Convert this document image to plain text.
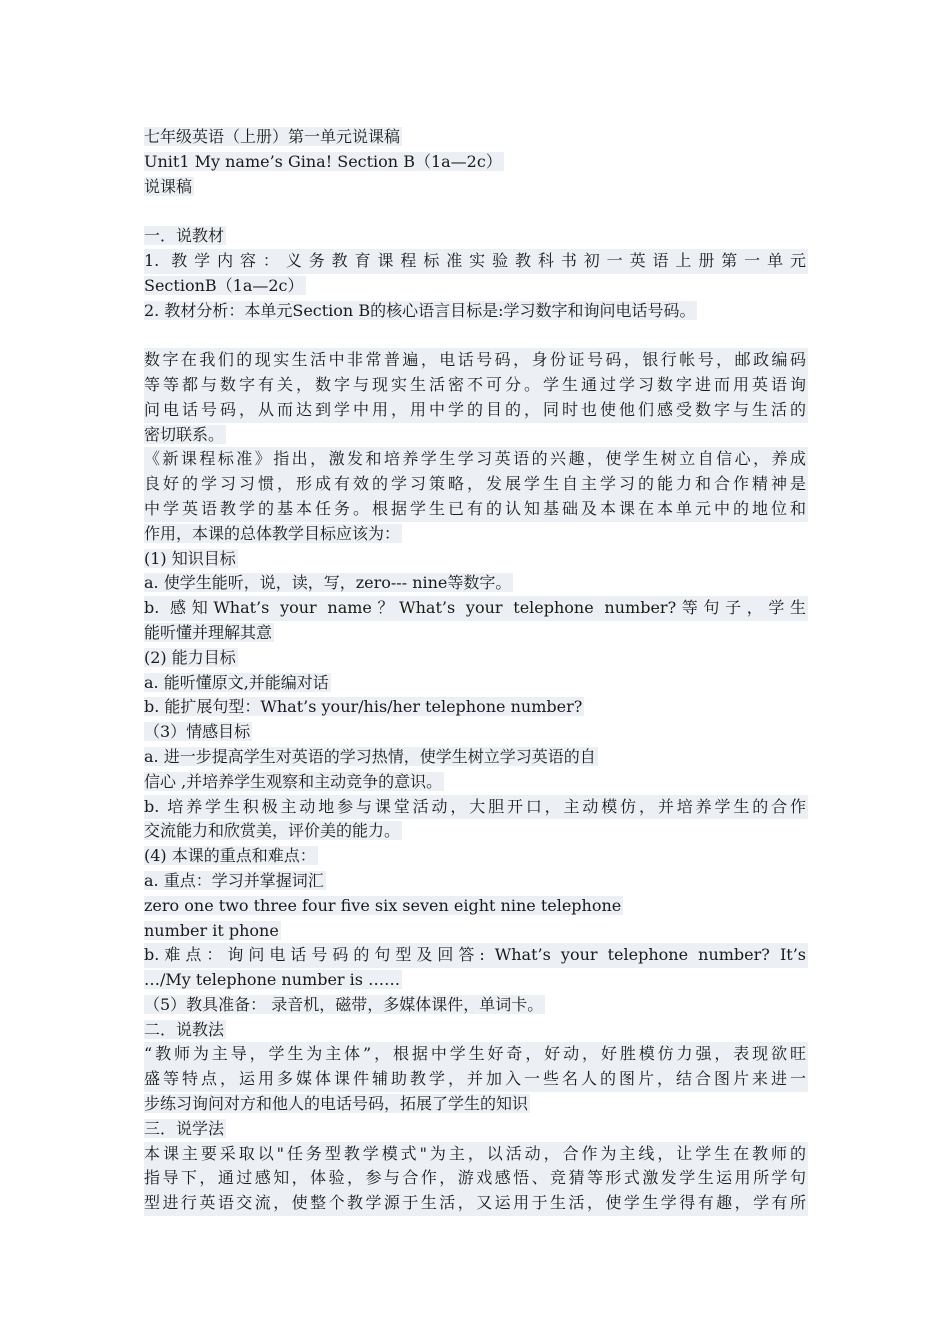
七年级英语（上册）第一单元说课稿
Unit1 My name’s Gina! Section B（1a—2c）
说课稿
一．说教材
1. 教学内容：义务教育课程标准实验教科书初一英语上册第一单元
SectionB（1a—2c）
2. 教材分析：本单元Section B的核心语言目标是:学习数字和询问电话号码。
数字在我们的现实生活中非常普遍，电话号码，身份证号码，银行帐号，邮政编码
等等都与数字有关，数字与现实生活密不可分。学生通过学习数字进而用英语询
问电话号码，从而达到学中用，用中学的目的，同时也使他们感受数字与生活的
密切联系。
《新课程标准》指出，激发和培养学生学习英语的兴趣，使学生树立自信心，养成
良好的学习习惯，形成有效的学习策略，发展学生自主学习的能力和合作精神是
中学英语教学的基本任务。根据学生已有的认知基础及本课在本单元中的地位和
作用，本课的总体教学目标应该为：
(1) 知识目标
a. 使学生能听，说，读，写，zero--- nine等数字。
b. 感知What’s your name？What’s your telephone number?等句子，学生
能听懂并理解其意
(2) 能力目标
a. 能听懂原文,并能编对话
b. 能扩展句型：What’s your/his/her telephone number?
（3）情感目标
a. 进一步提高学生对英语的学习热情，使学生树立学习英语的自
信心 ,并培养学生观察和主动竞争的意识。
b. 培养学生积极主动地参与课堂活动，大胆开口，主动模仿，并培养学生的合作
交流能力和欣赏美，评价美的能力。
(4) 本课的重点和难点：
a. 重点：学习并掌握词汇
zero one two three four five six seven eight nine telephone
number it phone
b.难点：询问电话号码的句型及回答: What’s your telephone number? It’s
…/My telephone number is ……
（5）教具准备： 录音机，磁带，多媒体课件，单词卡。
二．说教法
“教师为主导，学生为主体”，根据中学生好奇，好动，好胜模仿力强，表现欲旺
盛等特点，运用多媒体课件辅助教学，并加入一些名人的图片，结合图片来进一
步练习询问对方和他人的电话号码，拓展了学生的知识
三．说学法
本课主要采取以"任务型教学模式"为主，以活动，合作为主线，让学生在教师的
指导下，通过感知，体验，参与合作，游戏感悟、竞猜等形式激发学生运用所学句
型进行英语交流，使整个教学源于生活，又运用于生活，使学生学得有趣，学有所
